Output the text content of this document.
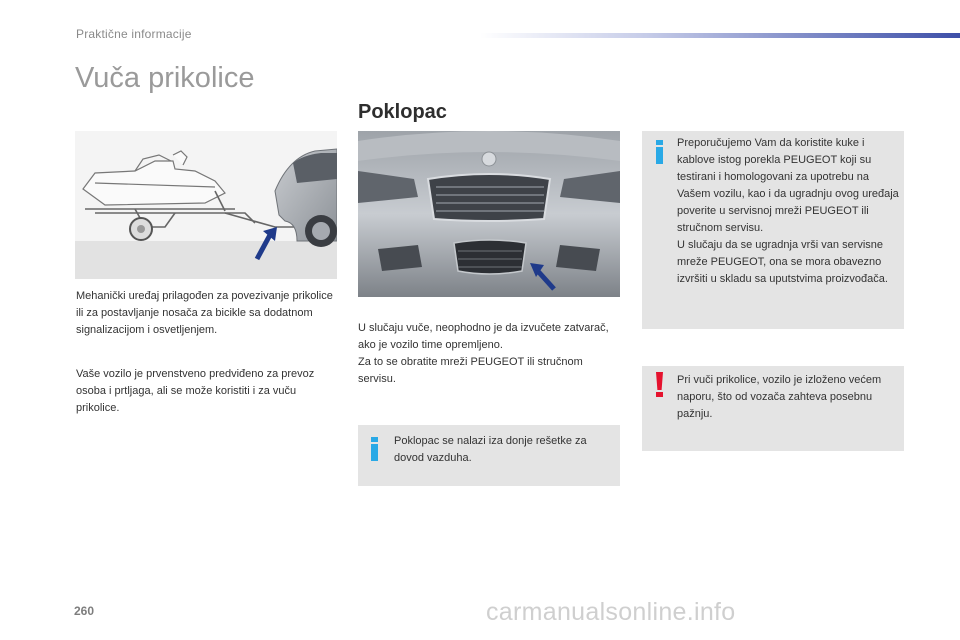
Praktične informacije
Vuča prikolice
Poklopac
Mehanički uređaj prilagođen za povezivanje prikolice ili za postavljanje nosača za bicikle sa dodatnom signalizacijom i osvetljenjem.
Vaše vozilo je prvenstveno predviđeno za prevoz osoba i prtljaga, ali se može koristiti i za vuču prikolice.
U slučaju vuče, neophodno je da izvučete zatvarač, ako je vozilo time opremljeno.
Za to se obratite mreži PEUGEOT ili stručnom servisu.
Poklopac se nalazi iza donje rešetke za dovod vazduha.
Preporučujemo Vam da koristite kuke i kablove istog porekla PEUGEOT koji su testirani i homologovani za upotrebu na Vašem vozilu, kao i da ugradnju ovog uređaja poverite u servisnoj mreži PEUGEOT ili stručnom servisu.
U slučaju da se ugradnja vrši van servisne mreže PEUGEOT, ona se mora obavezno izvršiti u skladu sa uputstvima proizvođača.
Pri vuči prikolice, vozilo je izloženo većem naporu, što od vozača zahteva posebnu pažnju.
260	carmanualsonline.info
